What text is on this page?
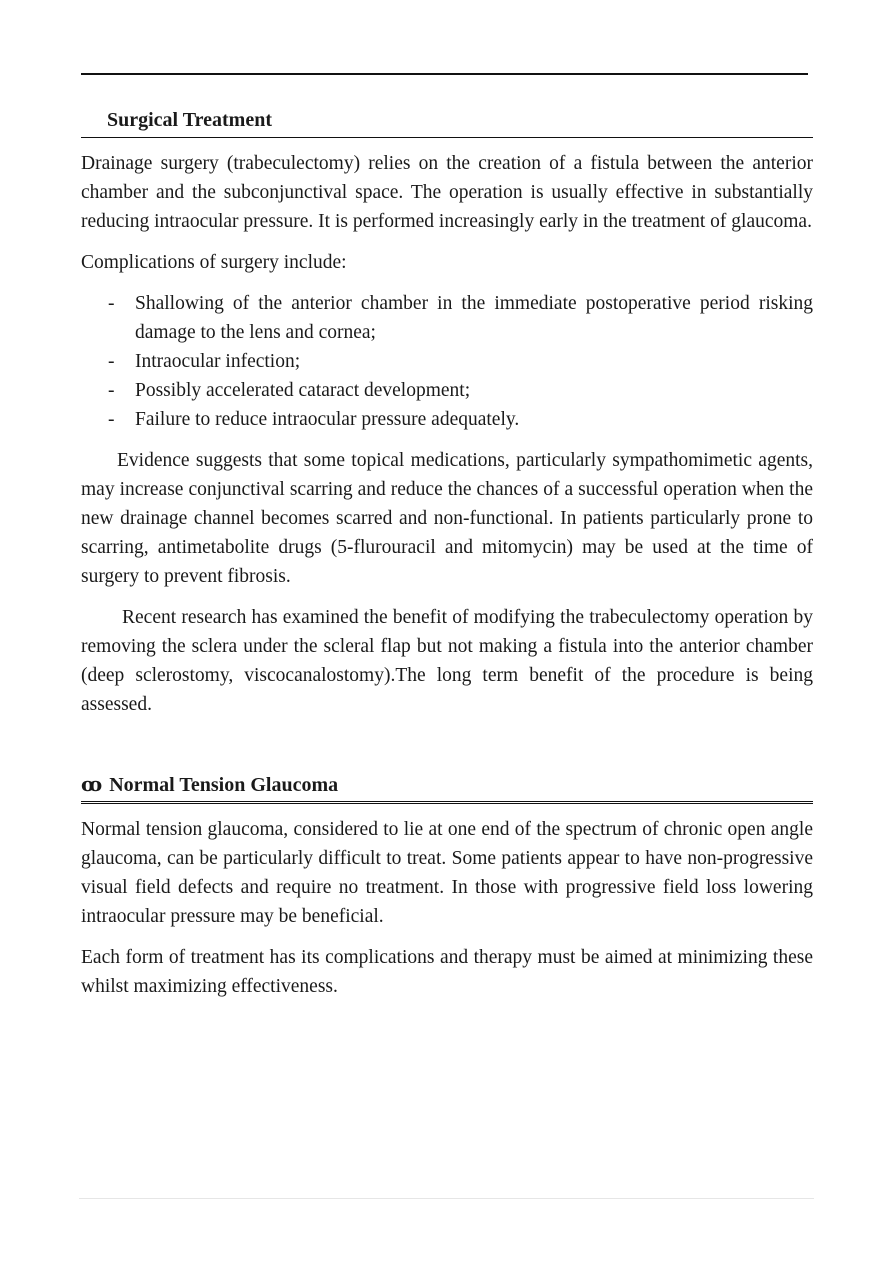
Surgical Treatment

Drainage surgery (trabeculectomy) relies on the creation of a fistula between the anterior chamber and the subconjunctival space. The operation is usually effective in substantially reducing intraocular pressure. It is performed increasingly early in the treatment of glaucoma.

Complications of surgery include:

- Shallowing of the anterior chamber in the immediate postoperative period risking damage to the lens and cornea;
- Intraocular infection;
- Possibly accelerated cataract development;
- Failure to reduce intraocular pressure adequately.

Evidence suggests that some topical medications, particularly sympathomimetic agents, may increase conjunctival scarring and reduce the chances of a successful operation when the new drainage channel becomes scarred and non-functional. In patients particularly prone to scarring, antimetabolite drugs (5-flurouracil and mitomycin) may be used at the time of surgery to prevent fibrosis.

Recent research has examined the benefit of modifying the trabeculectomy operation by removing the sclera under the scleral flap but not making a fistula into the anterior chamber (deep sclerostomy, viscocanalostomy).The long term benefit of the procedure is being assessed.

ꝏ Normal Tension Glaucoma

Normal tension glaucoma, considered to lie at one end of the spectrum of chronic open angle glaucoma, can be particularly difficult to treat. Some patients appear to have non-progressive visual field defects and require no treatment. In those with progressive field loss lowering intraocular pressure may be beneficial.

Each form of treatment has its complications and therapy must be aimed at minimizing these whilst maximizing effectiveness.
